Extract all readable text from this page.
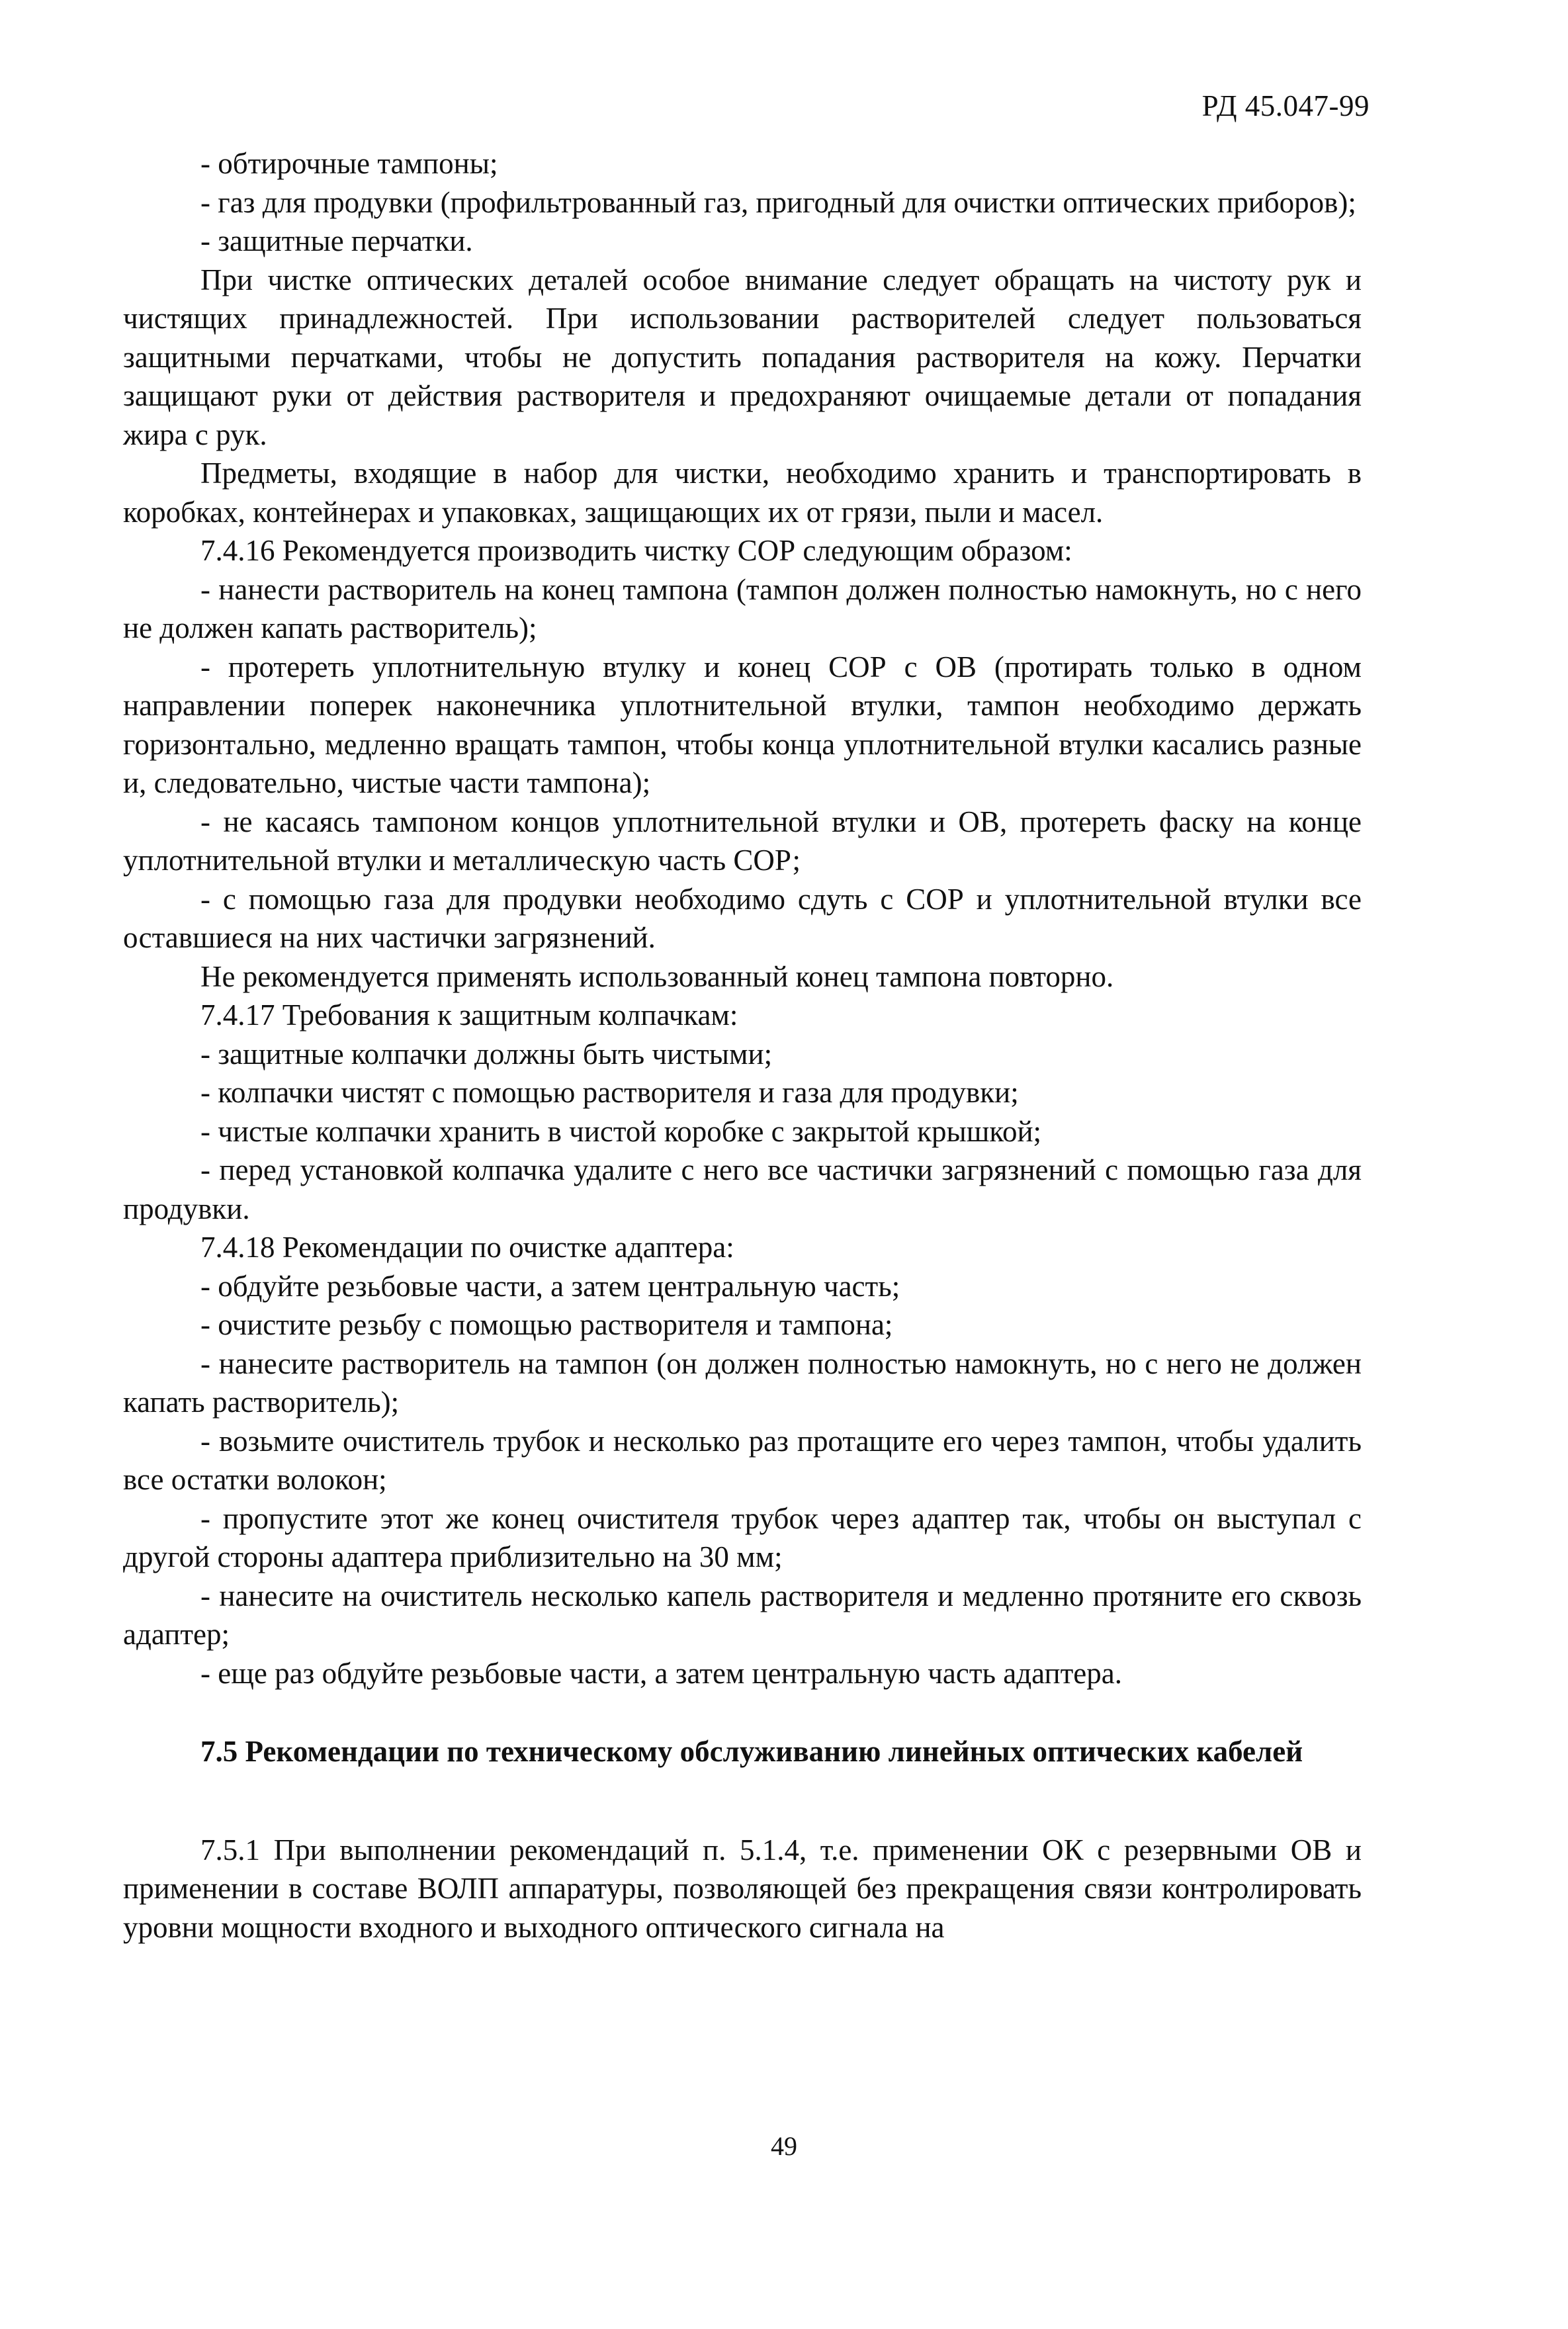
РД 45.047-99

- обтирочные тампоны;

- газ для продувки (профильтрованный газ, пригодный для очистки оптических приборов);

- защитные перчатки.

При чистке оптических деталей особое внимание следует обращать на чистоту рук и чистящих принадлежностей. При использовании растворителей следует пользоваться защитными перчатками, чтобы не допустить попадания растворителя на кожу. Перчатки защищают руки от действия растворителя и предохраняют очищаемые детали от попадания жира с рук.

Предметы, входящие в набор для чистки, необходимо хранить и транспортировать в коробках, контейнерах и упаковках, защищающих их от грязи, пыли и масел.

7.4.16 Рекомендуется производить чистку СОР следующим образом:

- нанести растворитель на конец тампона (тампон должен полностью намокнуть, но с него не должен капать растворитель);

- протереть уплотнительную втулку и конец СОР с ОВ (протирать только в одном направлении поперек наконечника уплотнительной втулки, тампон необходимо держать горизонтально, медленно вращать тампон, чтобы конца уплотнительной втулки касались разные и, следовательно, чистые части тампона);

- не касаясь тампоном концов уплотнительной втулки и ОВ, протереть фаску на конце уплотнительной втулки и металлическую часть СОР;

- с помощью газа для продувки необходимо сдуть с СОР и уплотнительной втулки все оставшиеся на них частички загрязнений.

Не рекомендуется применять использованный конец тампона повторно.

7.4.17 Требования к защитным колпачкам:

- защитные колпачки должны быть чистыми;

- колпачки чистят с помощью растворителя и газа для продувки;

- чистые колпачки хранить в чистой коробке с закрытой крышкой;

- перед установкой колпачка удалите с него все частички загрязнений с помощью газа для продувки.

7.4.18 Рекомендации по очистке адаптера:

- обдуйте резьбовые части, а затем центральную часть;

- очистите резьбу с помощью растворителя и тампона;

- нанесите растворитель на тампон (он должен полностью намокнуть, но с него не должен капать растворитель);

- возьмите очиститель трубок и несколько раз протащите его через тампон, чтобы удалить все остатки волокон;

- пропустите этот же конец очистителя трубок через адаптер так, чтобы он выступал с другой стороны адаптера приблизительно на 30 мм;

- нанесите на очиститель несколько капель растворителя и медленно протяните его сквозь адаптер;

- еще раз обдуйте резьбовые части, а затем центральную часть адаптера.

7.5 Рекомендации по техническому обслуживанию линейных оптических кабелей

7.5.1 При выполнении рекомендаций п. 5.1.4, т.е. применении ОК с резервными ОВ и применении в составе ВОЛП аппаратуры, позволяющей без прекращения связи контролировать уровни мощности входного и выходного оптического сигнала на

49
